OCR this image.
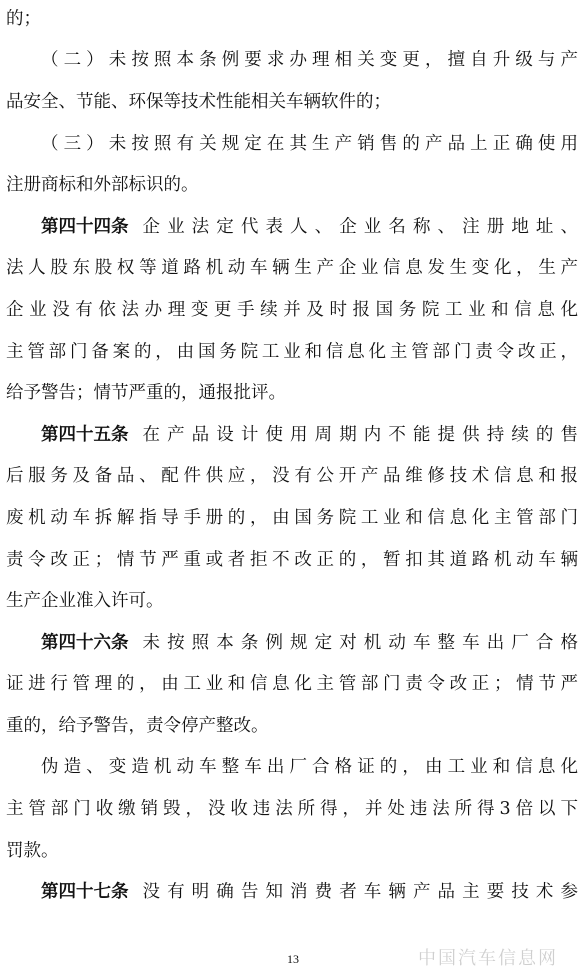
的；
（二）未按照本条例要求办理相关变更，擅自升级与产
品安全、节能、环保等技术性能相关车辆软件的；
（三）未按照有关规定在其生产销售的产品上正确使用
注册商标和外部标识的。
第四十四条 企业法定代表人、企业名称、注册地址、
法人股东股权等道路机动车辆生产企业信息发生变化，生产
企业没有依法办理变更手续并及时报国务院工业和信息化
主管部门备案的，由国务院工业和信息化主管部门责令改正，
给予警告；情节严重的，通报批评。
第四十五条 在产品设计使用周期内不能提供持续的售
后服务及备品、配件供应，没有公开产品维修技术信息和报
废机动车拆解指导手册的，由国务院工业和信息化主管部门
责令改正；情节严重或者拒不改正的，暂扣其道路机动车辆
生产企业准入许可。
第四十六条 未按照本条例规定对机动车整车出厂合格
证进行管理的，由工业和信息化主管部门责令改正；情节严
重的，给予警告，责令停产整改。
伪造、变造机动车整车出厂合格证的，由工业和信息化
主管部门收缴销毁，没收违法所得，并处违法所得3倍以下
罚款。
第四十七条 没有明确告知消费者车辆产品主要技术参
13	中国汽车信息网
